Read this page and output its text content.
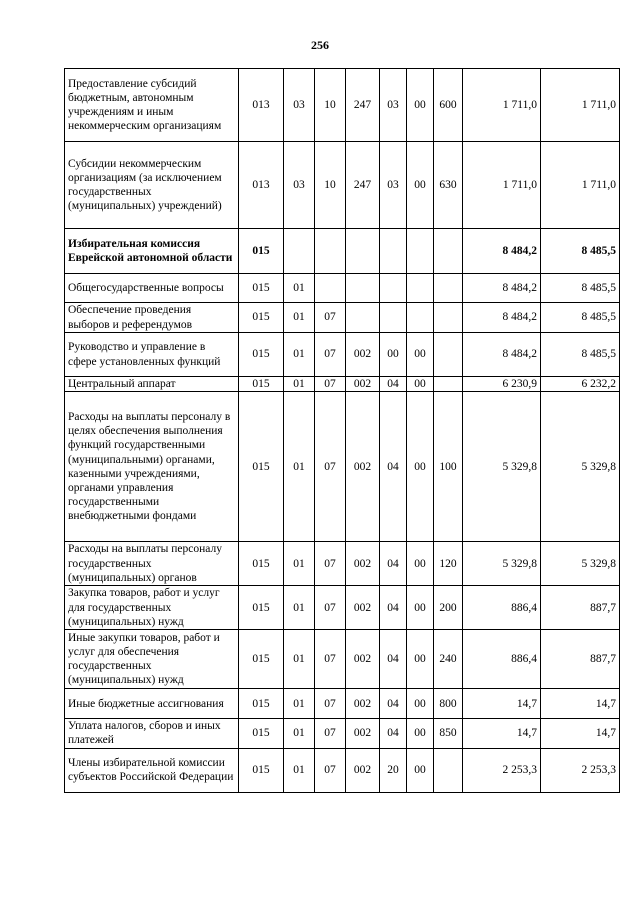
256
Предоставление субсидий бюджетным, автономным учреждениям и иным некоммерческим организациям	013	03	10	247	03	00	600	1 711,0	1 711,0
Субсидии некоммерческим организациям (за исключением государственных (муниципальных) учреждений)	013	03	10	247	03	00	630	1 711,0	1 711,0
Избирательная комиссия Еврейской автономной области	015							8 484,2	8 485,5
Общегосударственные вопросы	015	01						8 484,2	8 485,5
Обеспечение проведения выборов и референдумов	015	01	07					8 484,2	8 485,5
Руководство и управление в сфере установленных функций	015	01	07	002	00	00		8 484,2	8 485,5
Центральный аппарат	015	01	07	002	04	00		6 230,9	6 232,2
Расходы на выплаты персоналу в целях обеспечения выполнения функций государственными (муниципальными) органами, казенными учреждениями, органами управления государственными внебюджетными фондами	015	01	07	002	04	00	100	5 329,8	5 329,8
Расходы на выплаты персоналу государственных (муниципальных) органов	015	01	07	002	04	00	120	5 329,8	5 329,8
Закупка товаров, работ и услуг для государственных (муниципальных) нужд	015	01	07	002	04	00	200	886,4	887,7
Иные закупки товаров, работ и услуг для обеспечения государственных (муниципальных) нужд	015	01	07	002	04	00	240	886,4	887,7
Иные бюджетные ассигнования	015	01	07	002	04	00	800	14,7	14,7
Уплата налогов, сборов и иных платежей	015	01	07	002	04	00	850	14,7	14,7
Члены избирательной комиссии субъектов Российской Федерации	015	01	07	002	20	00		2 253,3	2 253,3
